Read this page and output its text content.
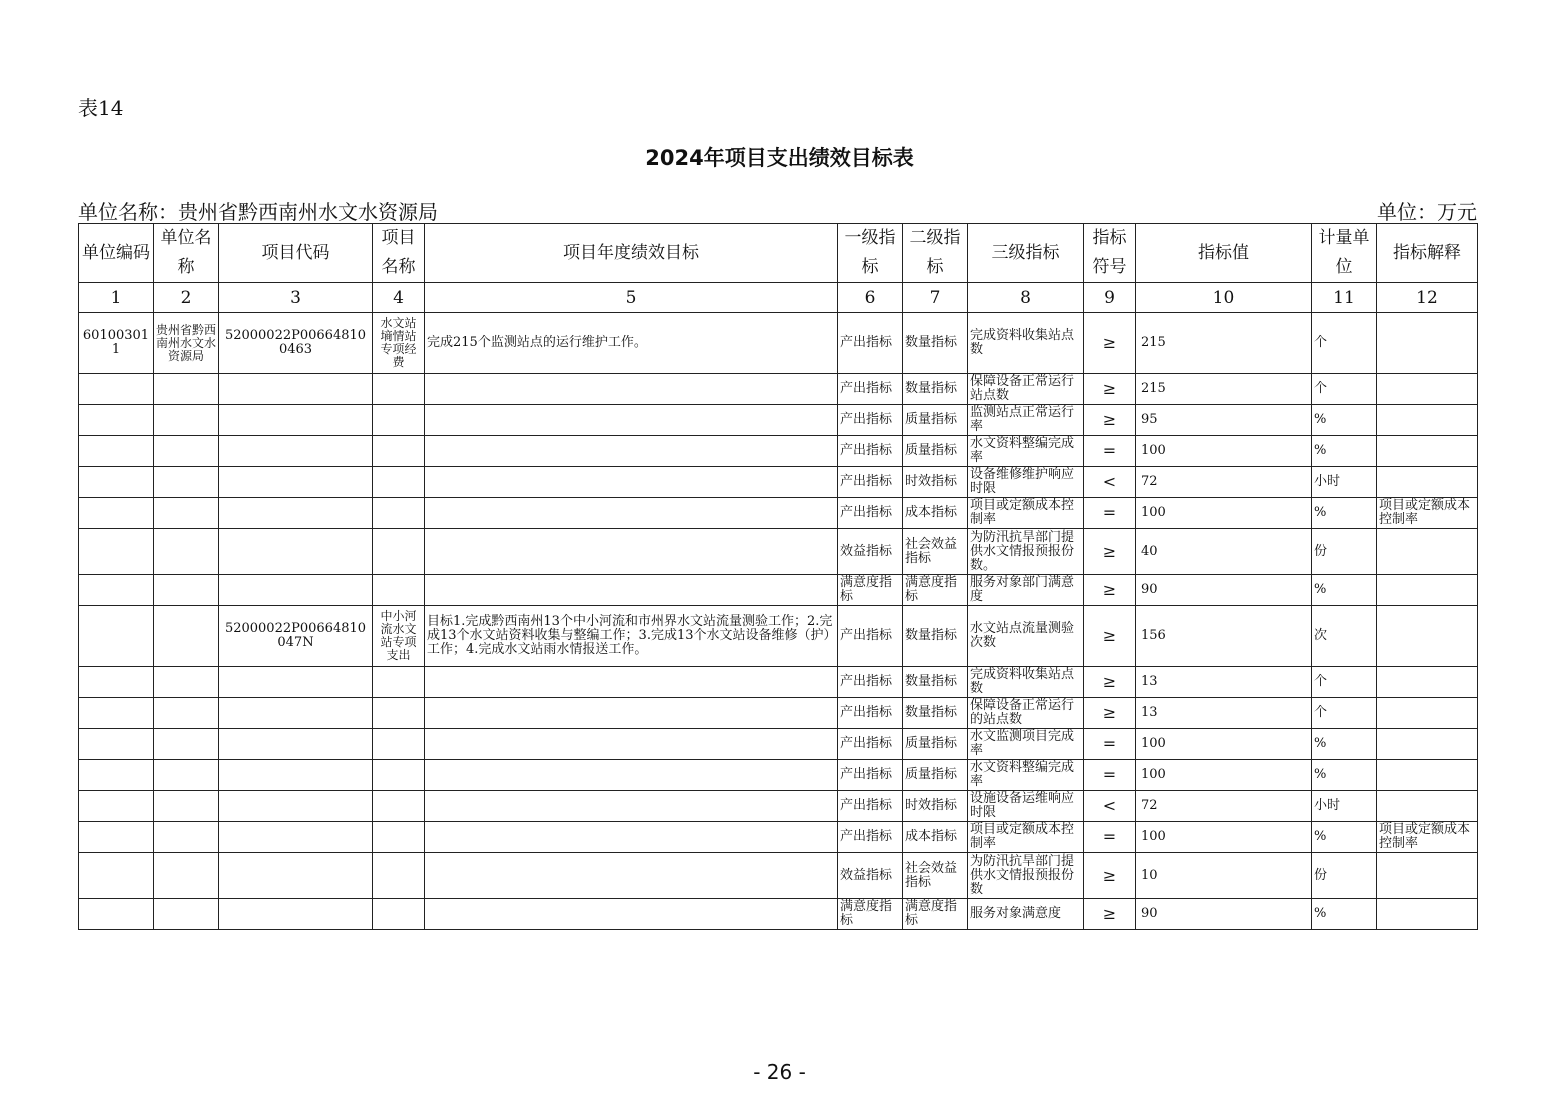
表14
2024年项目支出绩效目标表
单位名称：贵州省黔西南州水文水资源局	单位：万元
单位编码	单位名称	项目代码	项目名称	项目年度绩效目标	一级指标	二级指标	三级指标	指标符号	指标值	计量单位	指标解释
1	2	3	4	5	6	7	8	9	10	11	12
601003011	贵州省黔西南州水文水资源局	52000022P006648100463	水文站墒情站专项经费	完成215个监测站点的运行维护工作。	产出指标	数量指标	完成资料收集站点数	≥	215	个	
					产出指标	数量指标	保障设备正常运行站点数	≥	215	个	
					产出指标	质量指标	监测站点正常运行率	≥	95	%	
					产出指标	质量指标	水文资料整编完成率	=	100	%	
					产出指标	时效指标	设备维修维护响应时限	<	72	小时	
					产出指标	成本指标	项目或定额成本控制率	=	100	%	项目或定额成本控制率
					效益指标	社会效益指标	为防汛抗旱部门提供水文情报预报份数。	≥	40	份	
					满意度指标	满意度指标	服务对象部门满意度	≥	90	%	
		52000022P00664810047N	中小河流水文站专项支出	目标1.完成黔西南州13个中小河流和市州界水文站流量测验工作；2.完成13个水文站资料收集与整编工作；3.完成13个水文站设备维修（护）工作；4.完成水文站雨水情报送工作。	产出指标	数量指标	水文站点流量测验次数	≥	156	次	
					产出指标	数量指标	完成资料收集站点数	≥	13	个	
					产出指标	数量指标	保障设备正常运行的站点数	≥	13	个	
					产出指标	质量指标	水文监测项目完成率	=	100	%	
					产出指标	质量指标	水文资料整编完成率	=	100	%	
					产出指标	时效指标	设施设备运维响应时限	<	72	小时	
					产出指标	成本指标	项目或定额成本控制率	=	100	%	项目或定额成本控制率
					效益指标	社会效益指标	为防汛抗旱部门提供水文情报预报份数	≥	10	份	
					满意度指标	满意度指标	服务对象满意度	≥	90	%	
- 26 -
